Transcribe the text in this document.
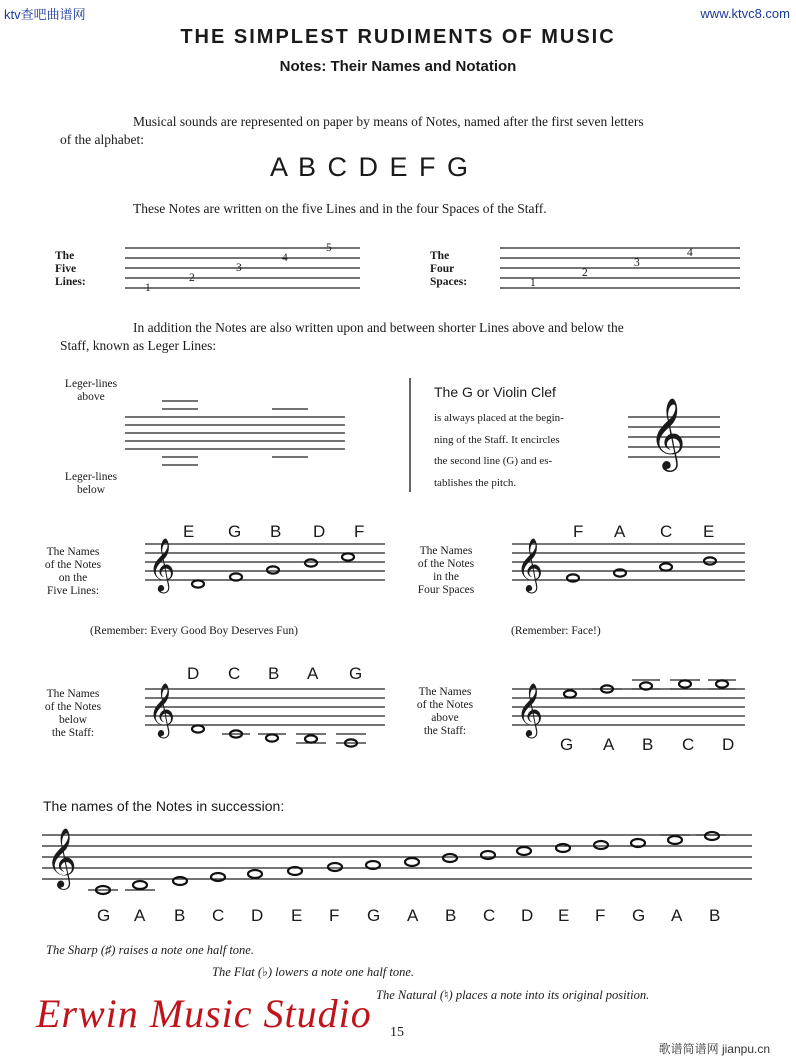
ktv查吧曲谱网	www.ktvc8.com
歌谱简谱网 jianpu.cn
THE SIMPLEST RUDIMENTS OF MUSIC
Notes: Their Names and Notation
Musical sounds are represented on paper by means of Notes, named after the first seven letters
of the alphabet:
A B C D E F G
These Notes are written on the five Lines and in the four Spaces of the Staff.
The
Five
Lines:	1
2
3
4
5
The
Four
Spaces:	1
2
3
4
In addition the Notes are also written upon and between shorter Lines above and below the
Staff, known as Leger Lines:
Leger-lines
above
Leger-lines
below
𝄞
The G or Violin Clef
is always placed at the begin-
ning of the Staff. It encircles
the second line (G) and es-
tablishes the pitch.
The Names
of the Notes
on the
Five Lines:
The Names
of the Notes
in the
Four Spaces
E G B D F	F A C E
𝄞	𝄞
(Remember: Every Good Boy Deserves Fun)	(Remember: Face!)
The Names
of the Notes
below
the Staff:
The Names
of the Notes
above
the Staff:
D C B A G
G A B C D
𝄞	𝄞
The names of the Notes in succession:
𝄞
G A B C D E F G A B C D E F G A B
The Sharp (♯) raises a note one half tone.
The Flat (♭) lowers a note one half tone.
The Natural (♮) places a note into its original position.
Erwin Music Studio 15
